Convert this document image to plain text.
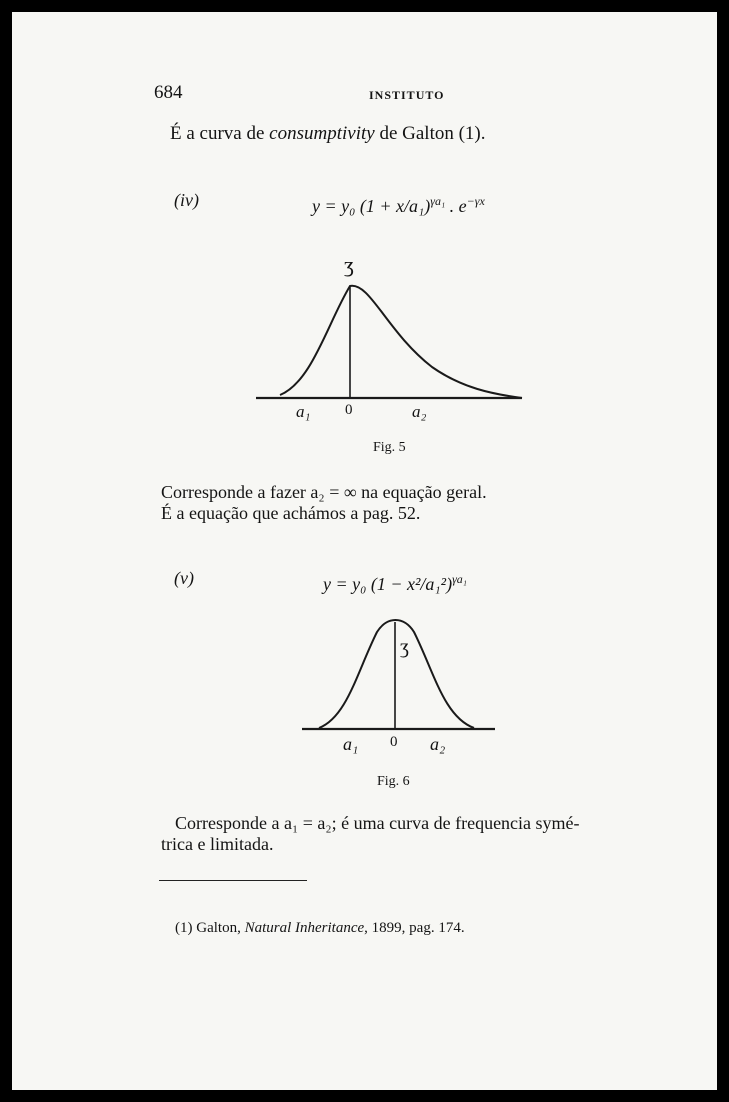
684	INSTITUTO
É a curva de consumptivity de Galton (1).
(iv)	y = y₀ $(1 + x/a_1)^{\gamma a_1}$ . $e^{-\gamma x}$
ʒ
a₁ 0	a₂
Fig. 5
Corresponde a fazer a₂ = ∞ na equação geral.
É a equação que achámos a pag. 52.
(v)	y = y₀ $(1 - x^2/a_1^2)^{\gamma a_1}$
ʒ
a₁ 0 a₂
Fig. 6
Corresponde a a₁ = a₂; é uma curva de frequencia symé-
trica e limitada.
(1) Galton, Natural Inheritance, 1899, pag. 174.
